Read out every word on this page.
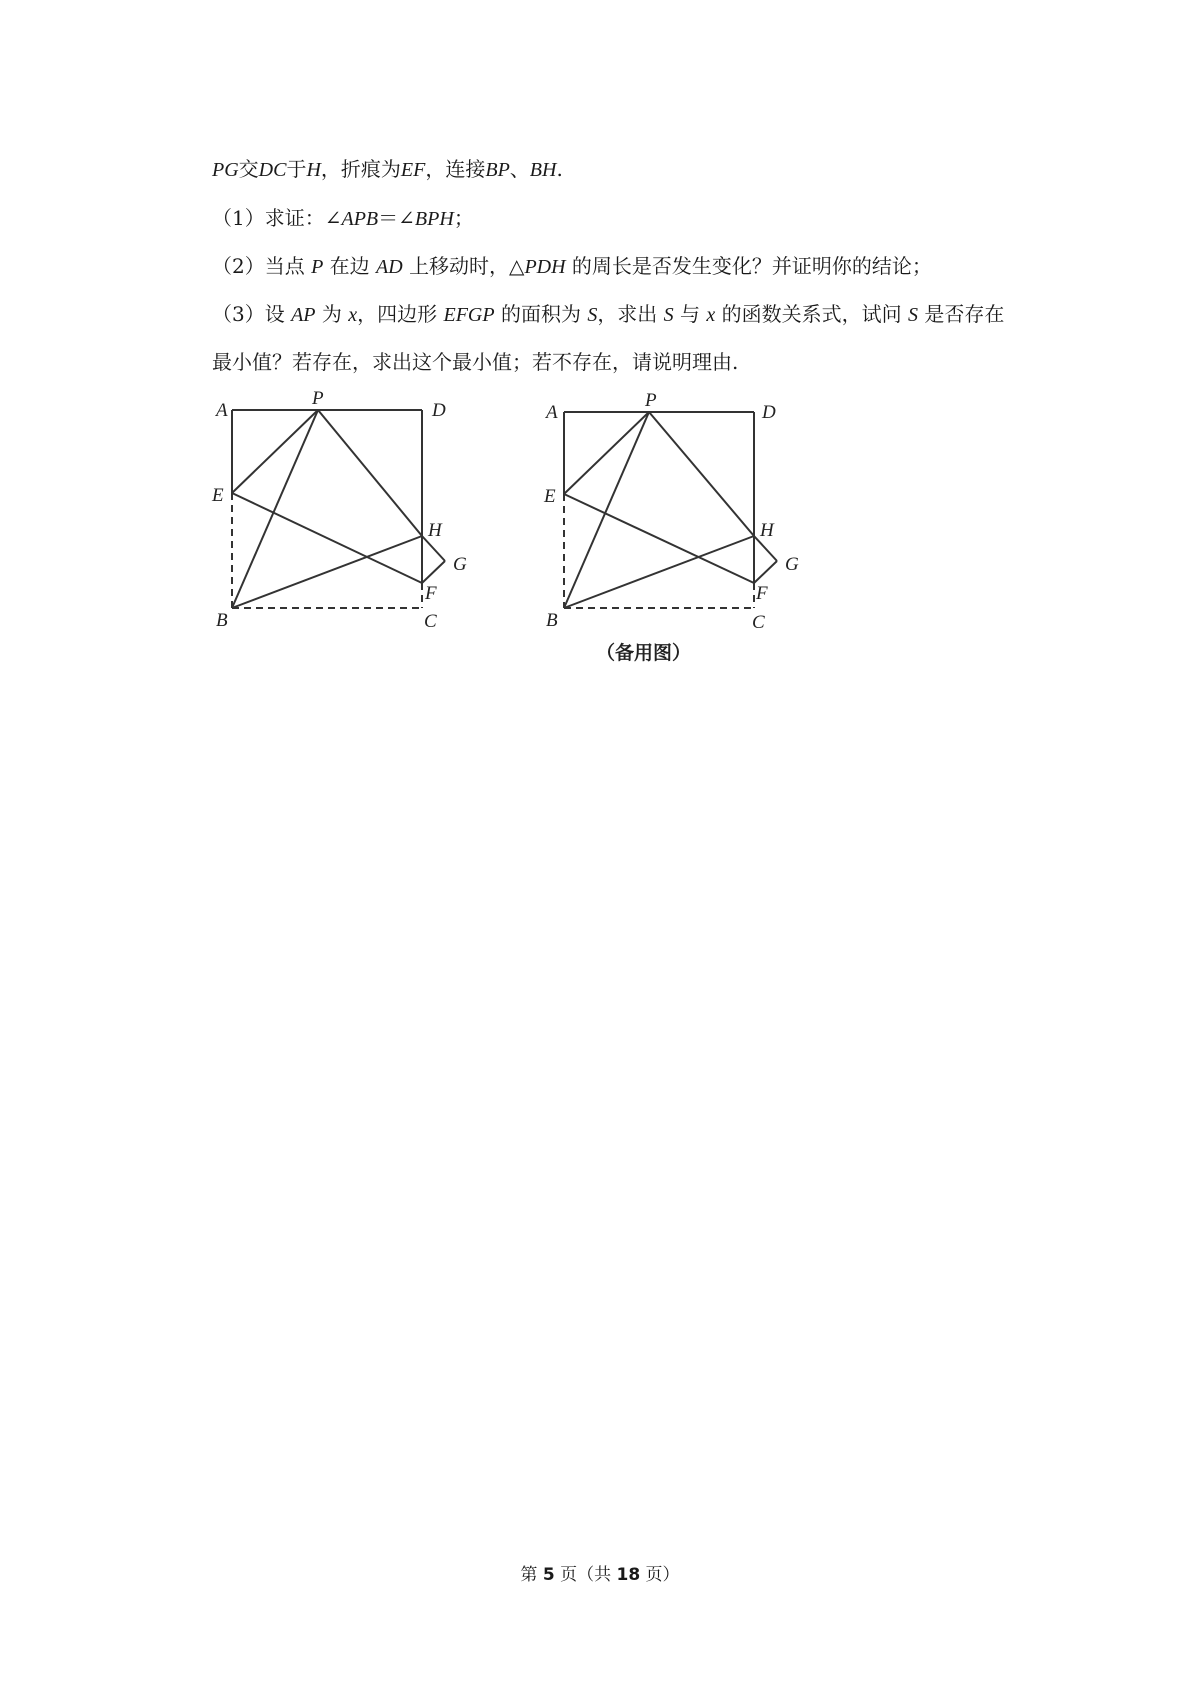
PG交DC于H，折痕为EF，连接BP、BH.
（1）求证：∠APB＝∠BPH；
（2）当点 P 在边 AD 上移动时，△PDH 的周长是否发生变化？并证明你的结论；
（3）设 AP 为 x，四边形 EFGP 的面积为 S，求出 S 与 x 的函数关系式，试问 S 是否存在
最小值？若存在，求出这个最小值；若不存在，请说明理由.
A
P
D
E
H
G
F
B	C
A
P
D
E
H
G
F
B	C
（备用图）
第 5 页（共 18 页）
